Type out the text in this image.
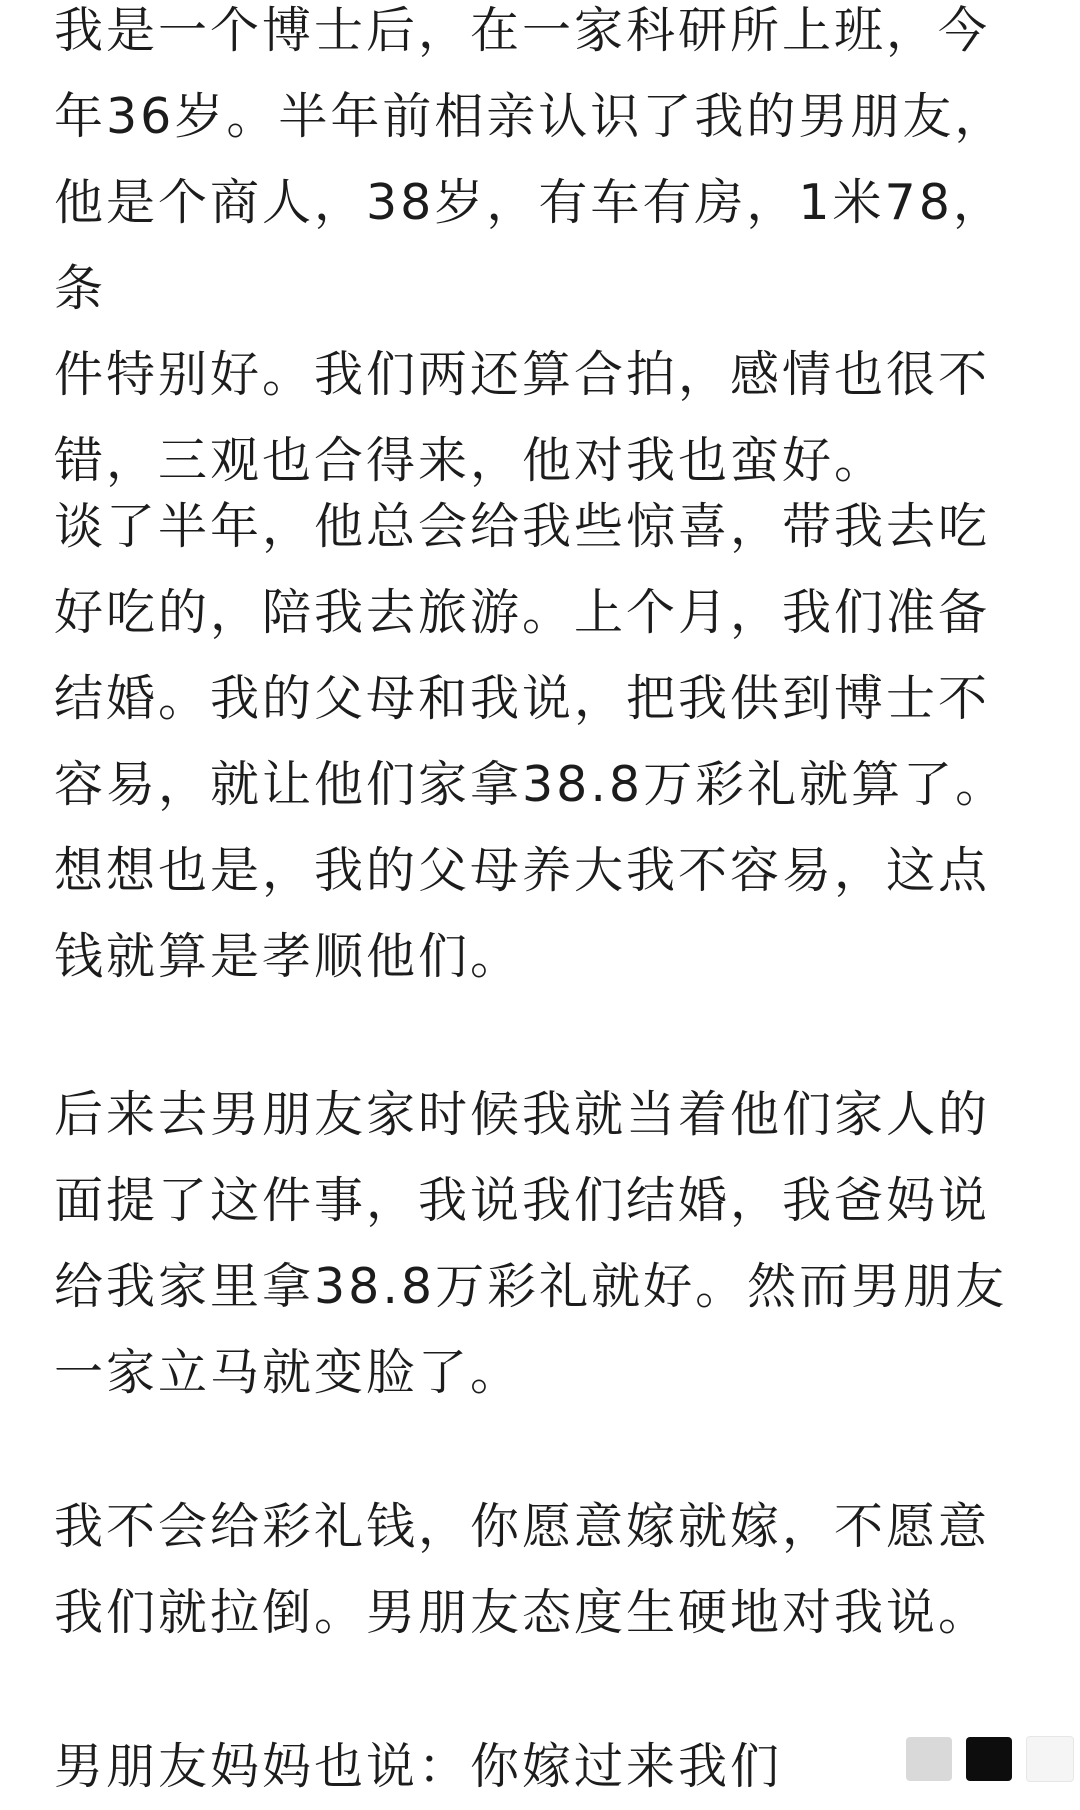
我是一个博士后，在一家科研所上班，今
年36岁。半年前相亲认识了我的男朋友，
他是个商人，38岁，有车有房，1米78，条
件特别好。我们两还算合拍，感情也很不
错，三观也合得来，他对我也蛮好。

谈了半年，他总会给我些惊喜，带我去吃
好吃的，陪我去旅游。上个月，我们准备
结婚。我的父母和我说，把我供到博士不
容易，就让他们家拿38.8万彩礼就算了。
想想也是，我的父母养大我不容易，这点
钱就算是孝顺他们。

后来去男朋友家时候我就当着他们家人的
面提了这件事，我说我们结婚，我爸妈说
给我家里拿38.8万彩礼就好。然而男朋友
一家立马就变脸了。

我不会给彩礼钱，你愿意嫁就嫁，不愿意
我们就拉倒。男朋友态度生硬地对我说。

男朋友妈妈也说：你嫁过来我们
